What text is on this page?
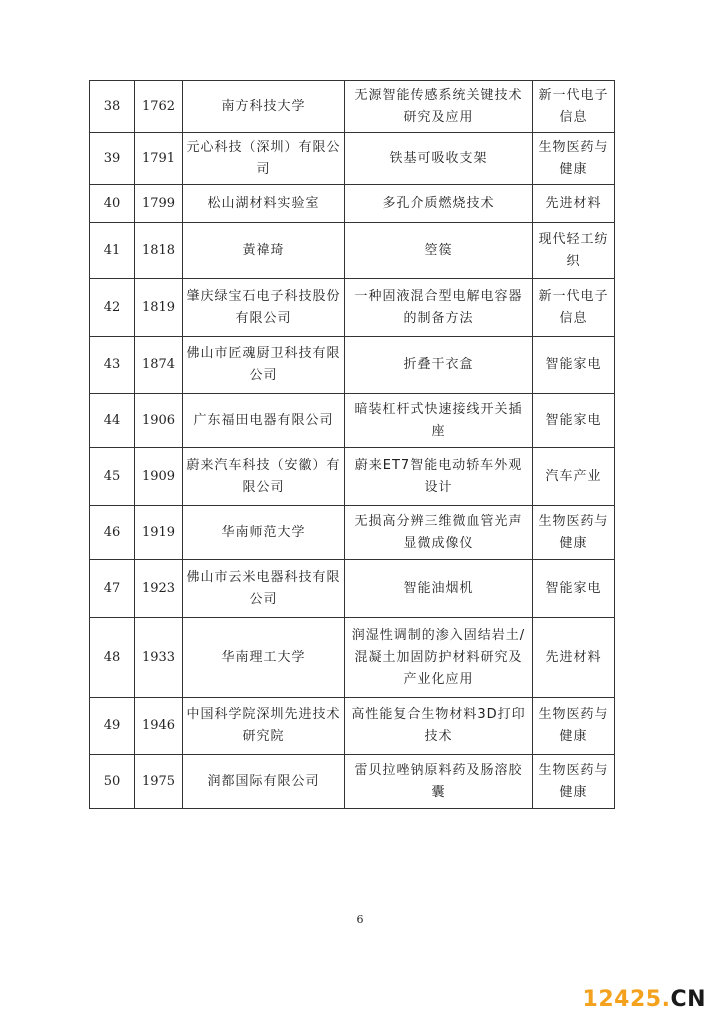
38	1762	南方科技大学	无源智能传感系统关键技术研究及应用	新一代电子信息
39	1791	元心科技（深圳）有限公司	铁基可吸收支架	生物医药与健康
40	1799	松山湖材料实验室	多孔介质燃烧技术	先进材料
41	1818	黃禕琦	箜篌	现代轻工纺织
42	1819	肇庆绿宝石电子科技股份有限公司	一种固液混合型电解电容器的制备方法	新一代电子信息
43	1874	佛山市匠魂厨卫科技有限公司	折叠干衣盒	智能家电
44	1906	广东福田电器有限公司	暗装杠杆式快速接线开关插座	智能家电
45	1909	蔚来汽车科技（安徽）有限公司	蔚来ET7智能电动轿车外观设计	汽车产业
46	1919	华南师范大学	无损高分辨三维微血管光声显微成像仪	生物医药与健康
47	1923	佛山市云米电器科技有限公司	智能油烟机	智能家电
48	1933	华南理工大学	润湿性调制的渗入固结岩土/混凝土加固防护材料研究及产业化应用	先进材料
49	1946	中国科学院深圳先进技术研究院	高性能复合生物材料3D打印技术	生物医药与健康
50	1975	润都国际有限公司	雷贝拉唑钠原料药及肠溶胶囊	生物医药与健康
6
12425.CN
